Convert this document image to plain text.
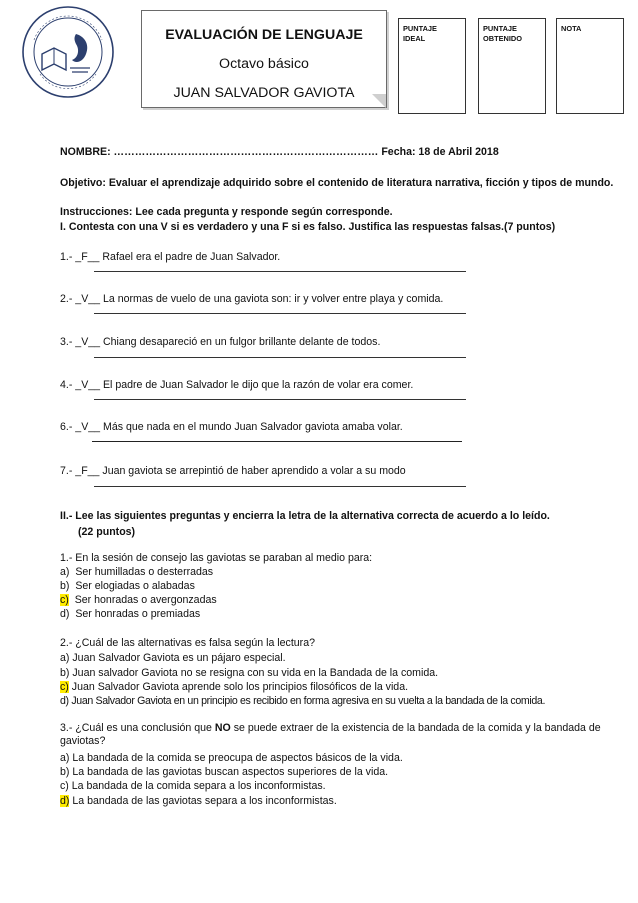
EVALUACIÓN DE LENGUAJE
Octavo básico
JUAN SALVADOR GAVIOTA
PUNTAJE
IDEAL
PUNTAJE
OBTENIDO
NOTA
NOMBRE: ………………………………………………………………… Fecha: 18 de Abril 2018
Objetivo: Evaluar el aprendizaje adquirido sobre el contenido de literatura narrativa, ficción y tipos de mundo.
Instrucciones: Lee cada pregunta y responde según corresponde.
I. Contesta con una V si es verdadero y una F si es falso. Justifica las respuestas falsas.(7 puntos)
1.- _F__ Rafael era el padre de Juan Salvador.
2.- _V__ La normas de vuelo de una gaviota son: ir y volver entre playa y comida.
3.- _V__ Chiang desapareció en un fulgor brillante delante de todos.
4.- _V__ El padre de Juan Salvador le dijo que la razón de volar era comer.
6.- _V__ Más que nada en el mundo Juan Salvador gaviota amaba volar.
7.- _F__ Juan gaviota se arrepintió de haber aprendido a volar a su modo
II.- Lee las siguientes preguntas y encierra la letra de la alternativa correcta de acuerdo a lo leído.
(22 puntos)
1.- En la sesión de consejo las gaviotas se paraban al medio para:
a) Ser humilladas o desterradas
b) Ser elogiadas o alabadas
c) Ser honradas o avergonzadas
d) Ser honradas o premiadas
2.- ¿Cuál de las alternativas es falsa según la lectura?
a) Juan Salvador Gaviota es un pájaro especial.
b) Juan salvador Gaviota no se resigna con su vida en la Bandada de la comida.
c) Juan Salvador Gaviota aprende solo los principios filosóficos de la vida.
d) Juan Salvador Gaviota en un principio es recibido en forma agresiva en su vuelta a la bandada de la comida.
3.- ¿Cuál es una conclusión que NO se puede extraer de la existencia de la bandada de la comida y la bandada de gaviotas?
a) La bandada de la comida se preocupa de aspectos básicos de la vida.
b) La bandada de las gaviotas buscan aspectos superiores de la vida.
c) La bandada de la comida separa a los inconformistas.
d) La bandada de las gaviotas separa a los inconformistas.
